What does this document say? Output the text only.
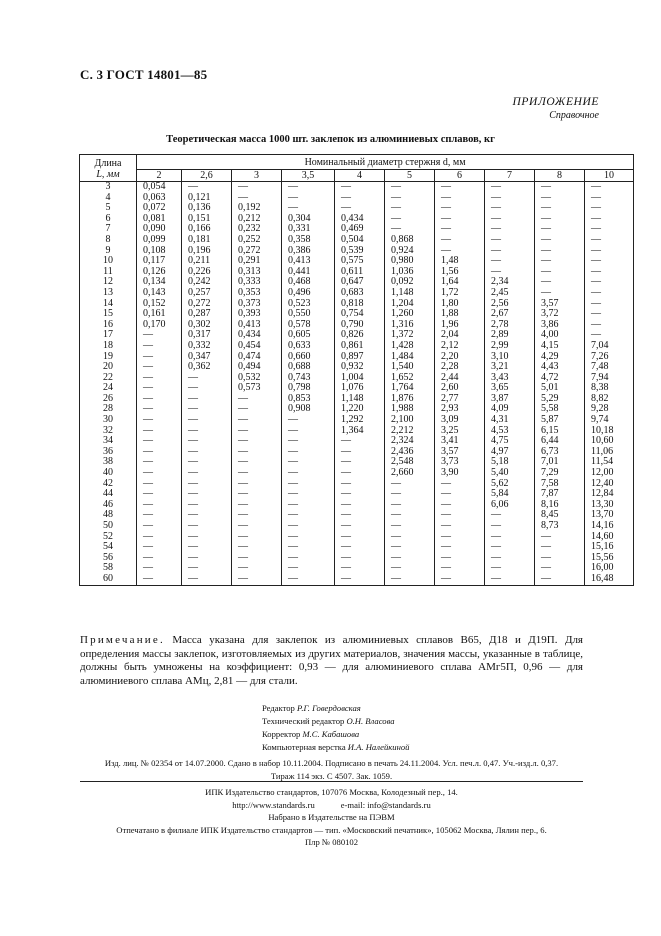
С. 3 ГОСТ 14801—85
ПРИЛОЖЕНИЕ
Справочное
Теоретическая масса 1000 шт. заклепок из алюминиевых сплавов, кг
Длина
L, мм	Номинальный диаметр стержня d, мм									
	2	2,6	3	3,5	4	5	6	7	8	10
3	0,054	—	—	—	—	—	—	—	—	—
4	0,063	0,121	—	—	—	—	—	—	—	—
5	0,072	0,136	0,192	—	—	—	—	—	—	—
6	0,081	0,151	0,212	0,304	0,434	—	—	—	—	—
7	0,090	0,166	0,232	0,331	0,469	—	—	—	—	—
8	0,099	0,181	0,252	0,358	0,504	0,868	—	—	—	—
9	0,108	0,196	0,272	0,386	0,539	0,924	—	—	—	—
10	0,117	0,211	0,291	0,413	0,575	0,980	1,48	—	—	—
11	0,126	0,226	0,313	0,441	0,611	1,036	1,56	—	—	—
12	0,134	0,242	0,333	0,468	0,647	0,092	1,64	2,34	—	—
13	0,143	0,257	0,353	0,496	0,683	1,148	1,72	2,45	—	—
14	0,152	0,272	0,373	0,523	0,818	1,204	1,80	2,56	3,57	—
15	0,161	0,287	0,393	0,550	0,754	1,260	1,88	2,67	3,72	—
16	0,170	0,302	0,413	0,578	0,790	1,316	1,96	2,78	3,86	—
17	—	0,317	0,434	0,605	0,826	1,372	2,04	2,89	4,00	—
18	—	0,332	0,454	0,633	0,861	1,428	2,12	2,99	4,15	7,04
19	—	0,347	0,474	0,660	0,897	1,484	2,20	3,10	4,29	7,26
20	—	0,362	0,494	0,688	0,932	1,540	2,28	3,21	4,43	7,48
22	—	—	0,532	0,743	1,004	1,652	2,44	3,43	4,72	7,94
24	—	—	0,573	0,798	1,076	1,764	2,60	3,65	5,01	8,38
26	—	—	—	0,853	1,148	1,876	2,77	3,87	5,29	8,82
28	—	—	—	0,908	1,220	1,988	2,93	4,09	5,58	9,28
30	—	—	—	—	1,292	2,100	3,09	4,31	5,87	9,74
32	—	—	—	—	1,364	2,212	3,25	4,53	6,15	10,18
34	—	—	—	—	—	2,324	3,41	4,75	6,44	10,60
36	—	—	—	—	—	2,436	3,57	4,97	6,73	11,06
38	—	—	—	—	—	2,548	3,73	5,18	7,01	11,54
40	—	—	—	—	—	2,660	3,90	5,40	7,29	12,00
42	—	—	—	—	—	—	—	5,62	7,58	12,40
44	—	—	—	—	—	—	—	5,84	7,87	12,84
46	—	—	—	—	—	—	—	6,06	8,16	13,30
48	—	—	—	—	—	—	—	—	8,45	13,70
50	—	—	—	—	—	—	—	—	8,73	14,16
52	—	—	—	—	—	—	—	—	—	14,60
54	—	—	—	—	—	—	—	—	—	15,16
56	—	—	—	—	—	—	—	—	—	15,56
58	—	—	—	—	—	—	—	—	—	16,00
60	—	—	—	—	—	—	—	—	—	16,48
Примечание. Масса указана для заклепок из алюминиевых сплавов В65, Д18 и Д19П. Для определения массы заклепок, изготовляемых из других материалов, значения массы, указанные в таблице, должны быть умножены на коэффициент: 0,93 — для алюминиевого сплава АМг5П, 0,96 — для алюминиевого сплава АМц, 2,81 — для стали.
Редактор Р.Г. Говердовская
Технический редактор О.Н. Власова
Корректор М.С. Кабашова
Компьютерная верстка И.А. Налейкиной
Изд. лиц. № 02354 от 14.07.2000. Сдано в набор 10.11.2004. Подписано в печать 24.11.2004. Усл. печ.л. 0,47. Уч.-изд.л. 0,37.
Тираж 114 экз. С 4507. Зак. 1059.
ИПК Издательство стандартов, 107076 Москва, Колодезный пер., 14.
http://www.standards.ru	e-mail: info@standards.ru
Набрано в Издательстве на ПЭВМ
Отпечатано в филиале ИПК Издательство стандартов — тип. «Московский печатник», 105062 Москва, Лялин пер., 6.
Плр № 080102
